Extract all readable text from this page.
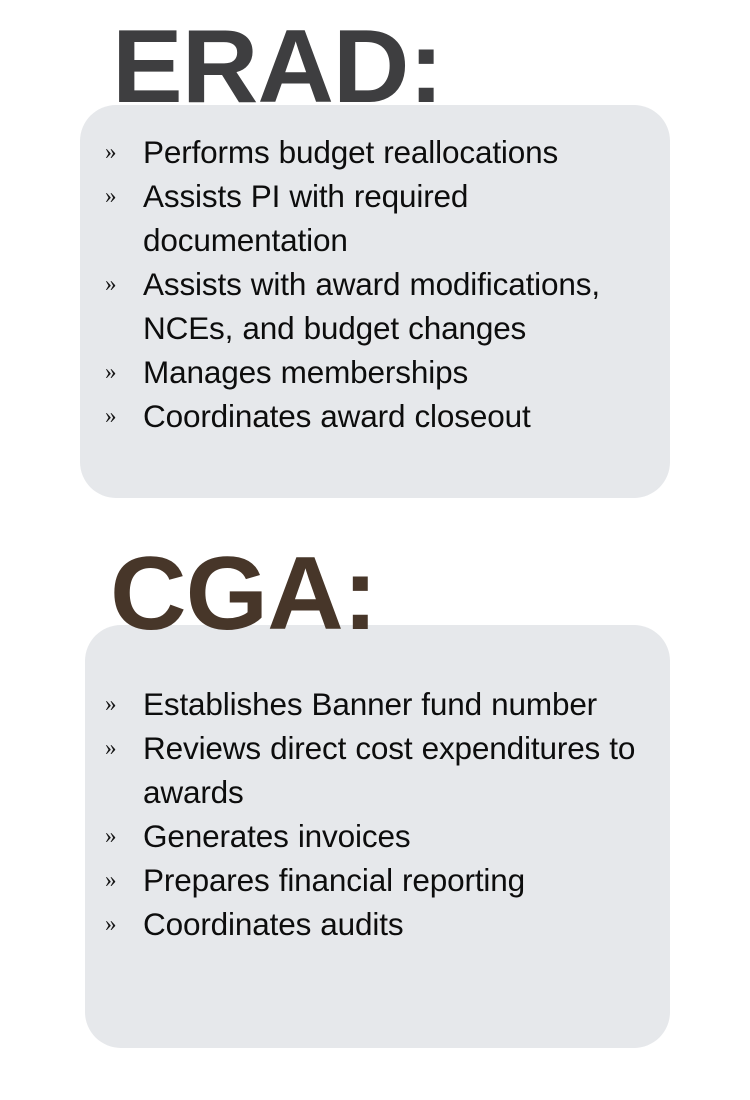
ERAD:
» Performs budget reallocations
» Assists PI with required documentation
» Assists with award modifications, NCEs, and budget changes
» Manages memberships
» Coordinates award closeout
CGA:
» Establishes Banner fund number
» Reviews direct cost expenditures to awards
» Generates invoices
» Prepares financial reporting
» Coordinates audits
